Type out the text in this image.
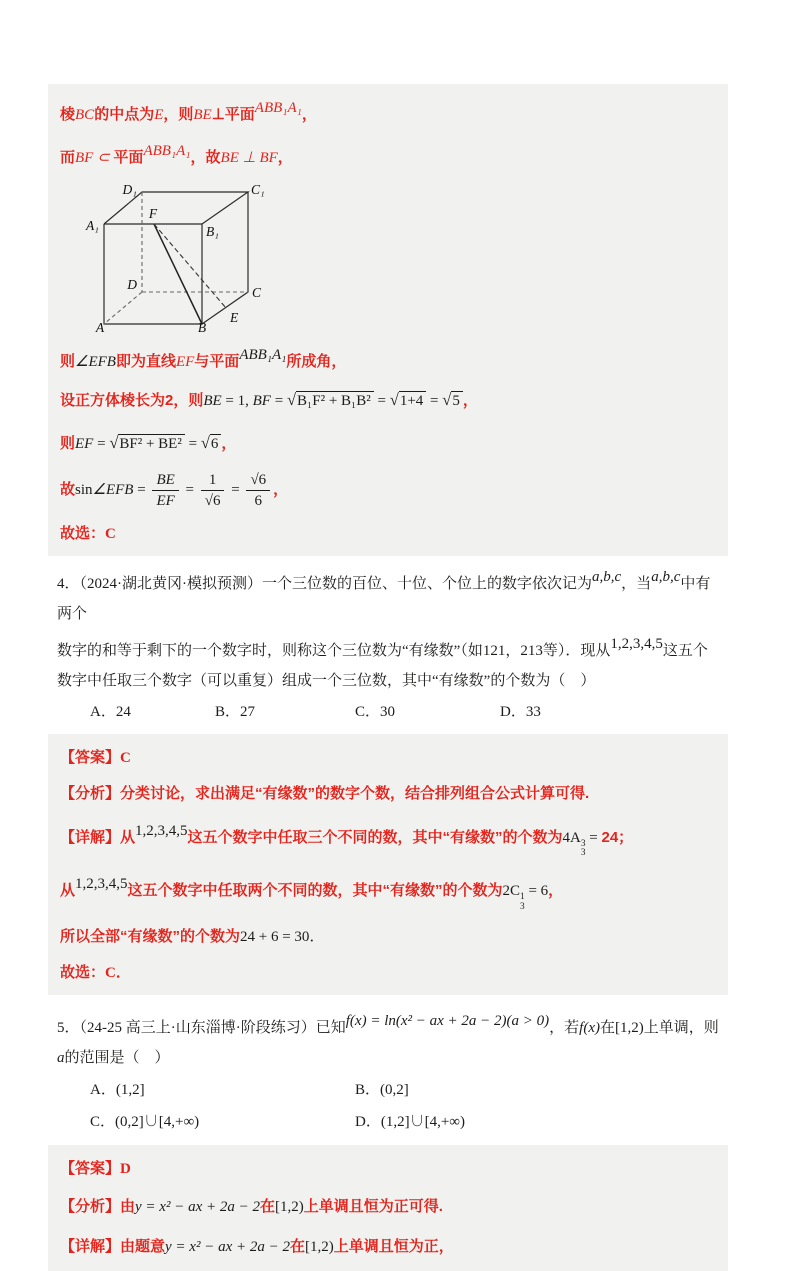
棱BC的中点为E，则BE⊥平面ABB₁A₁，
而BF ⊂ 平面ABB₁A₁，故BE ⊥ BF，
A	B
C
D
A₁	B₁
C₁
D₁
E
F
则∠EFB即为直线EF与平面ABB₁A₁所成角，
设正方体棱长为2，则BE = 1, BF = √B₁F² + B₁B² = √1+4 = √5 ，
则EF = √BF² + BE² = √6 ，
故sin∠EFB = $\frac{BE}{EF} = \frac{1}{√6} = \frac{√6}{6}$ ，
故选：C
4．（2024·湖北黄冈·模拟预测）一个三位数的百位、十位、个位上的数字依次记为a,b,c，当a,b,c中有两个
数字的和等于剩下的一个数字时，则称这个三位数为“有缘数”（如121，213等）．现从1,2,3,4,5这五个
数字中任取三个数字（可以重复）组成一个三位数，其中“有缘数”的个数为（　）
A．24	B．27	C．30	D．33
【答案】C
【分析】分类讨论，求出满足“有缘数”的数字个数，结合排列组合公式计算可得.
【详解】从1,2,3,4,5这五个数字中任取三个不同的数，其中“有缘数”的个数为4A 3
3
= 24；
从1,2,3,4,5这五个数字中任取两个不同的数，其中“有缘数”的个数为2C 1
3
= 6，
所以全部“有缘数”的个数为24 + 6 = 30．
故选：C．
5．（24-25 高三上·山东淄博·阶段练习）已知f(x) = ln(x² − ax + 2a − 2)(a > 0)，若f(x)在[1,2)上单调，则
a的范围是（　）
A．(1,2]	B．(0,2]
C．(0,2]∪[4,+∞)	D．(1,2]∪[4,+∞)
【答案】D
【分析】由y = x² − ax + 2a − 2在[1,2)上单调且恒为正可得.
【详解】由题意y = x² − ax + 2a − 2在[1,2)上单调且恒为正，
